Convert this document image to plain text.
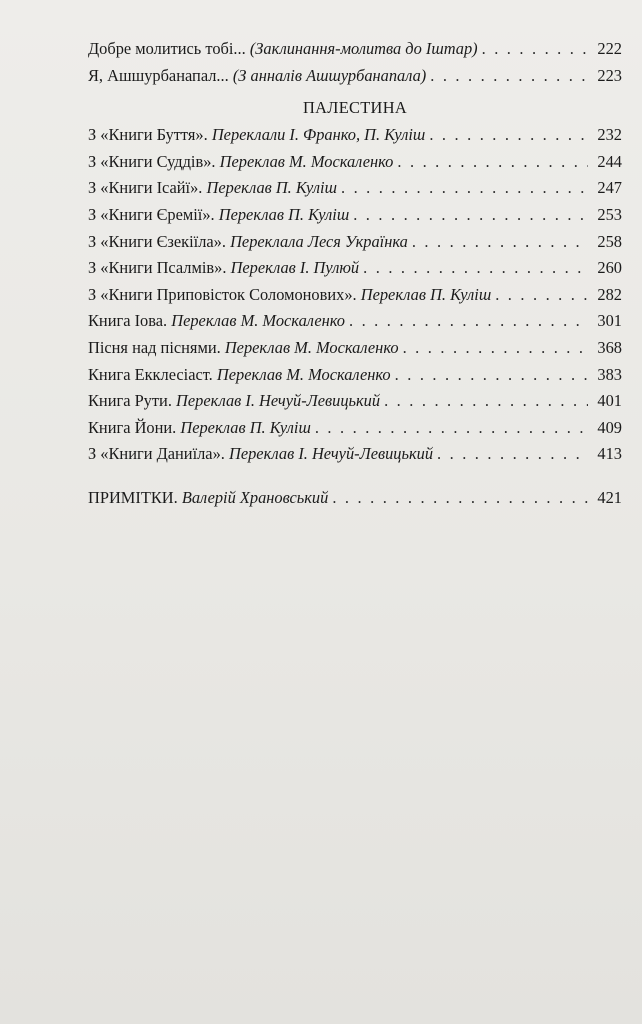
Добре молитись тобі... (Заклинання-молитва до Іштар) . . .	222
Я, Ашшурбанапал... (З анналів Ашшурбанапала) . . .	223
ПАЛЕСТИНА
З «Книги Буття». Переклали І. Франко, П. Куліш . . .	232
З «Книги Суддів». Переклав М. Москаленко . . .	244
З «Книги Ісайї». Переклав П. Куліш . . .	247
З «Книги Єремії». Переклав П. Куліш . . .	253
З «Книги Єзекіїла». Переклала Леся Українка . . .	258
З «Книги Псалмів». Переклав І. Пулюй . . .	260
З «Книги Приповісток Соломонових». Переклав П. Куліш . . .	282
Книга Іова. Переклав М. Москаленко . . .	301
Пісня над піснями. Переклав М. Москаленко . . .	368
Книга Екклесіаст. Переклав М. Москаленко . . .	383
Книга Рути. Переклав І. Нечуй-Левицький . . .	401
Книга Йони. Переклав П. Куліш . . .	409
З «Книги Даниїла». Переклав І. Нечуй-Левицький . . .	413
ПРИМІТКИ. Валерій Храновський . . .	421
